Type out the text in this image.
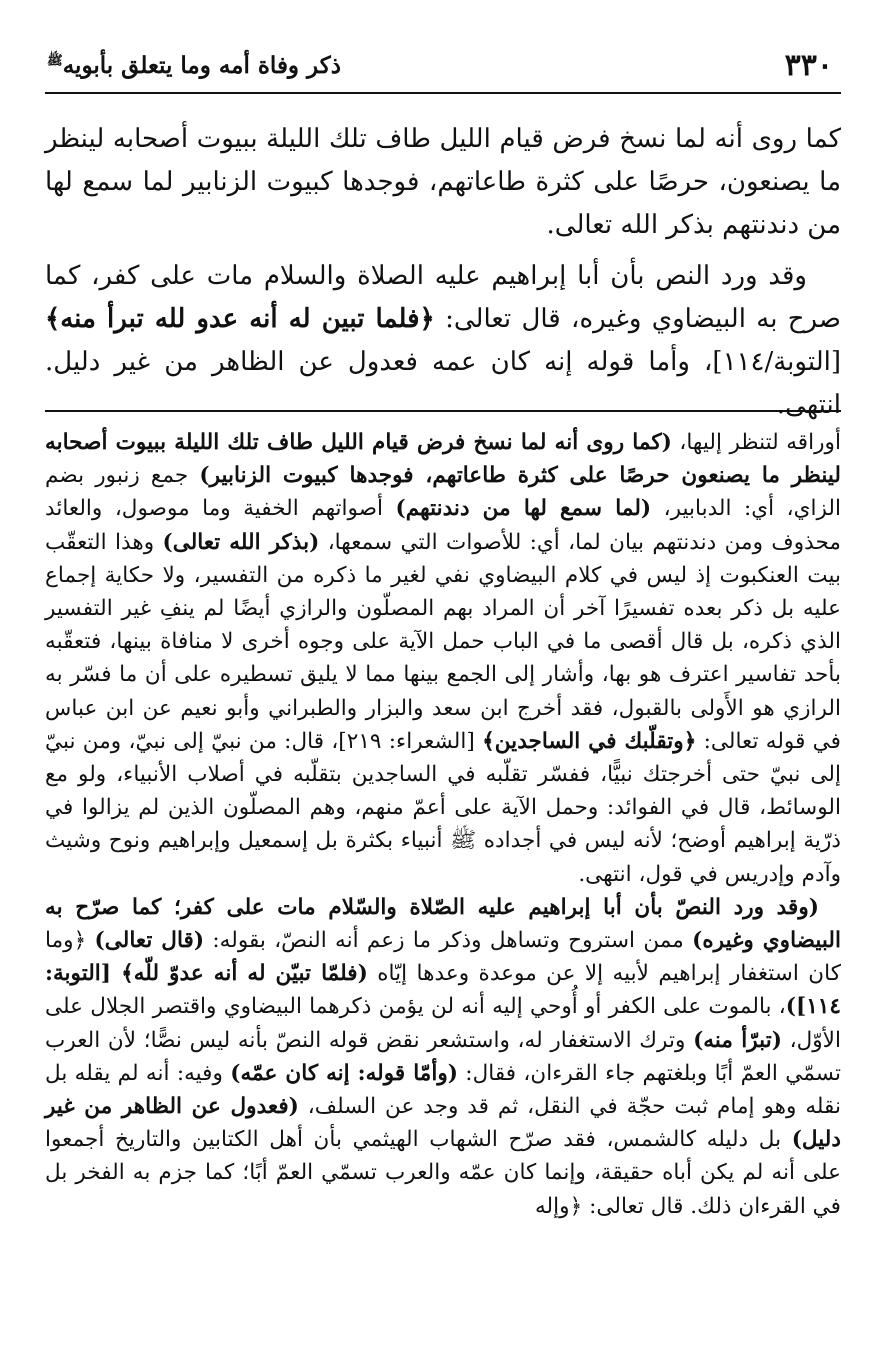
٣٣٠
ذكر وفاة أمه وما يتعلق بأبويه$^ﷺ$

كما روى أنه لما نسخ فرض قيام الليل طاف تلك الليلة ببيوت أصحابه لينظر ما يصنعون، حرصًا على كثرة طاعاتهم، فوجدها كبيوت الزنابير لما سمع لها من دندنتهم بذكر الله تعالى.

وقد ورد النص بأن أبا إبراهيم عليه الصلاة والسلام مات على كفر، كما صرح به البيضاوي وغيره، قال تعالى: ﴿فلما تبين له أنه عدو لله تبرأ منه﴾ [التوبة/١١٤]، وأما قوله إنه كان عمه فعدول عن الظاهر من غير دليل. انتهى.

أوراقه لتنظر إليها، (كما روى أنه لما نسخ فرض قيام الليل طاف تلك الليلة ببيوت أصحابه لينظر ما يصنعون حرصًا على كثرة طاعاتهم، فوجدها كبيوت الزنابير) جمع زنبور بضم الزاي، أي: الدبابير، (لما سمع لها من دندنتهم) أصواتهم الخفية وما موصول، والعائد محذوف ومن دندنتهم بيان لما، أي: للأصوات التي سمعها، (بذكر الله تعالى) وهذا التعقّب بيت العنكبوت إذ ليس في كلام البيضاوي نفي لغير ما ذكره من التفسير، ولا حكاية إجماع عليه بل ذكر بعده تفسيرًا آخر أن المراد بهم المصلّون والرازي أيضًا لم ينفِ غير التفسير الذي ذكره، بل قال أقصى ما في الباب حمل الآية على وجوه أخرى لا منافاة بينها، فتعقّبه بأحد تفاسير اعترف هو بها، وأشار إلى الجمع بينها مما لا يليق تسطيره على أن ما فسّر به الرازي هو الأَولى بالقبول، فقد أخرج ابن سعد والبزار والطبراني وأبو نعيم عن ابن عباس في قوله تعالى: ﴿وتقلّبك في الساجدين﴾ [الشعراء: ٢١٩]، قال: من نبيّ إلى نبيّ، ومن نبيّ إلى نبيّ حتى أخرجتك نبيًّا، ففسّر تقلّبه في الساجدين بتقلّبه في أصلاب الأنبياء، ولو مع الوسائط، قال في الفوائد: وحمل الآية على أعمّ منهم، وهم المصلّون الذين لم يزالوا في ذرّية إبراهيم أوضح؛ لأنه ليس في أجداده ﷺ أنبياء بكثرة بل إسمعيل وإبراهيم ونوح وشيث وآدم وإدريس في قول، انتهى.

(وقد ورد النصّ بأن أبا إبراهيم عليه الصّلاة والسّلام مات على كفر؛ كما صرّح به البيضاوي وغيره) ممن استروح وتساهل وذكر ما زعم أنه النصّ، بقوله: (قال تعالى) ﴿وما كان استغفار إبراهيم لأبيه إلا عن موعدة وعدها إيّاه (فلمّا تبيّن له أنه عدوّ للّه﴾ [التوبة: ١١٤])، بالموت على الكفر أو أُوحي إليه أنه لن يؤمن ذكرهما البيضاوي واقتصر الجلال على الأوّل، (تبرّأ منه) وترك الاستغفار له، واستشعر نقض قوله النصّ بأنه ليس نصًّا؛ لأن العرب تسمّي العمّ أبًا وبلغتهم جاء القرءان، فقال: (وأمّا قوله: إنه كان عمّه) وفيه: أنه لم يقله بل نقله وهو إمام ثبت حجّة في النقل، ثم قد وجد عن السلف، (فعدول عن الظاهر من غير دليل) بل دليله كالشمس، فقد صرّح الشهاب الهيثمي بأن أهل الكتابين والتاريخ أجمعوا على أنه لم يكن أباه حقيقة، وإنما كان عمّه والعرب تسمّي العمّ أبًا؛ كما جزم به الفخر بل في القرءان ذلك. قال تعالى: ﴿وإله
